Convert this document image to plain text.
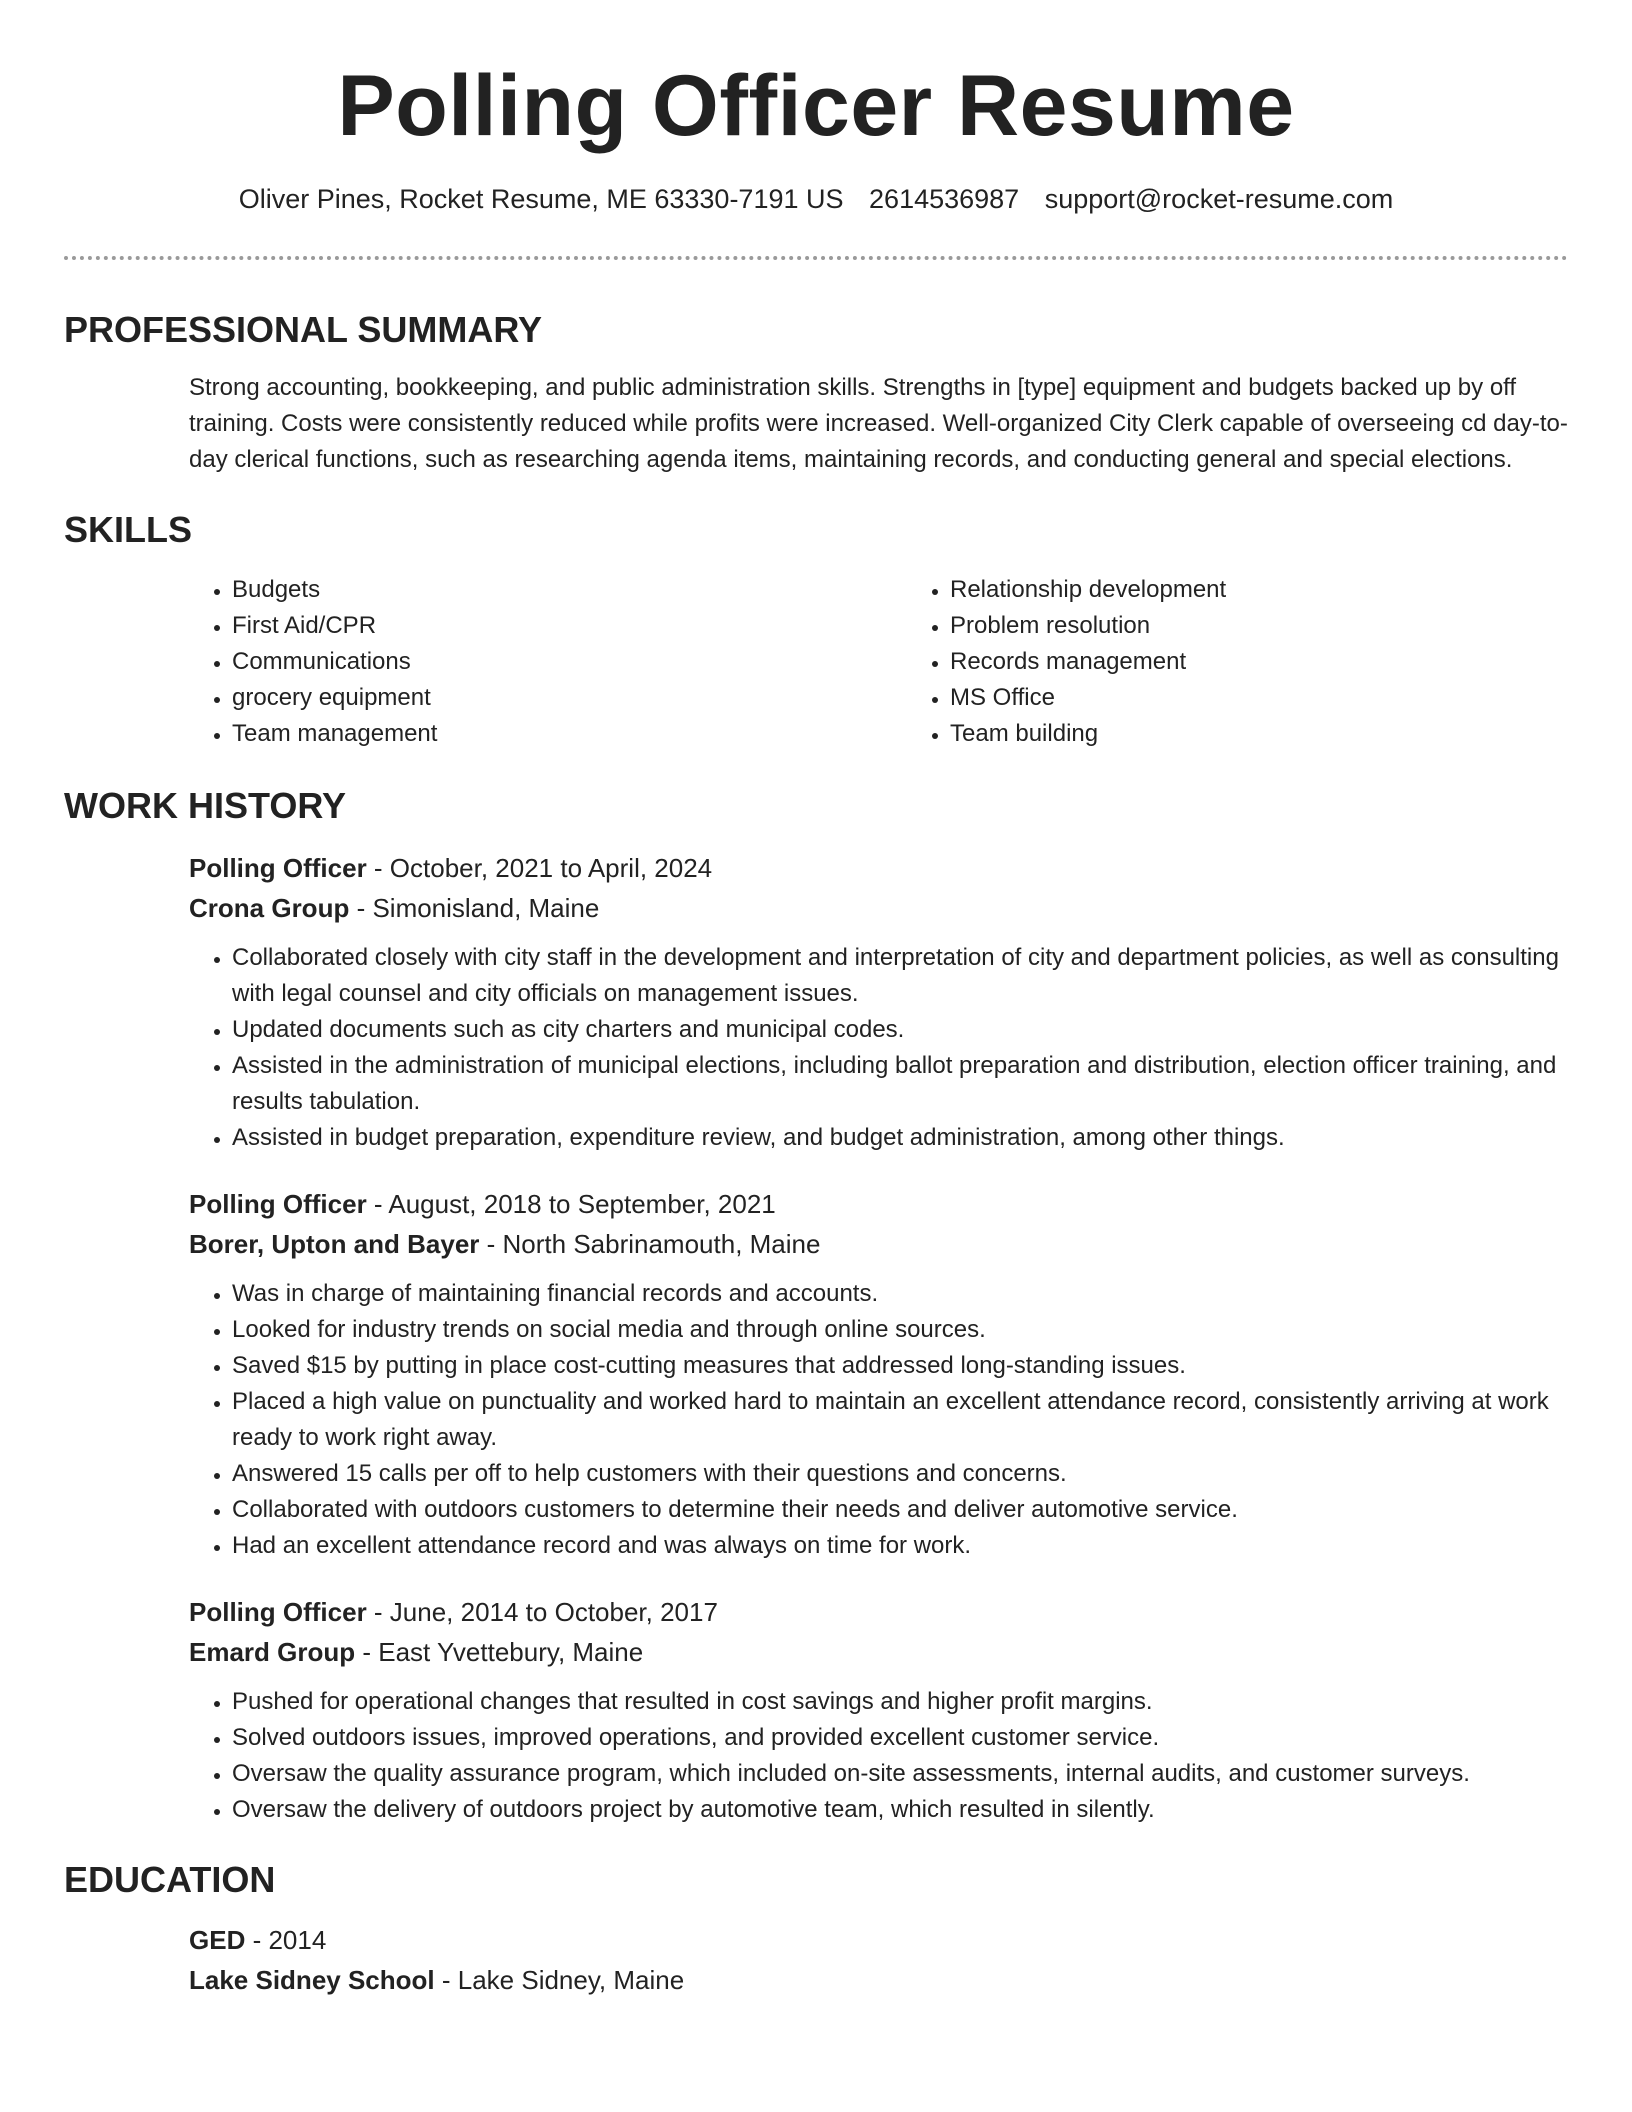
Polling Officer Resume
Oliver Pines, Rocket Resume, ME 63330-7191 US 2614536987 support@rocket-resume.com
PROFESSIONAL SUMMARY
Strong accounting, bookkeeping, and public administration skills. Strengths in [type] equipment and budgets backed up by off training. Costs were consistently reduced while profits were increased. Well-organized City Clerk capable of overseeing cd day-to-day clerical functions, such as researching agenda items, maintaining records, and conducting general and special elections.
SKILLS
• Budgets
• First Aid/CPR
• Communications
• grocery equipment
• Team management
• Relationship development
• Problem resolution
• Records management
• MS Office
• Team building
WORK HISTORY
Polling Officer - October, 2021 to April, 2024
Crona Group - Simonisland, Maine
• Collaborated closely with city staff in the development and interpretation of city and department policies, as well as consulting with legal counsel and city officials on management issues.
• Updated documents such as city charters and municipal codes.
• Assisted in the administration of municipal elections, including ballot preparation and distribution, election officer training, and results tabulation.
• Assisted in budget preparation, expenditure review, and budget administration, among other things.
Polling Officer - August, 2018 to September, 2021
Borer, Upton and Bayer - North Sabrinamouth, Maine
• Was in charge of maintaining financial records and accounts.
• Looked for industry trends on social media and through online sources.
• Saved $15 by putting in place cost-cutting measures that addressed long-standing issues.
• Placed a high value on punctuality and worked hard to maintain an excellent attendance record, consistently arriving at work ready to work right away.
• Answered 15 calls per off to help customers with their questions and concerns.
• Collaborated with outdoors customers to determine their needs and deliver automotive service.
• Had an excellent attendance record and was always on time for work.
Polling Officer - June, 2014 to October, 2017
Emard Group - East Yvettebury, Maine
• Pushed for operational changes that resulted in cost savings and higher profit margins.
• Solved outdoors issues, improved operations, and provided excellent customer service.
• Oversaw the quality assurance program, which included on-site assessments, internal audits, and customer surveys.
• Oversaw the delivery of outdoors project by automotive team, which resulted in silently.
EDUCATION
GED - 2014
Lake Sidney School - Lake Sidney, Maine
